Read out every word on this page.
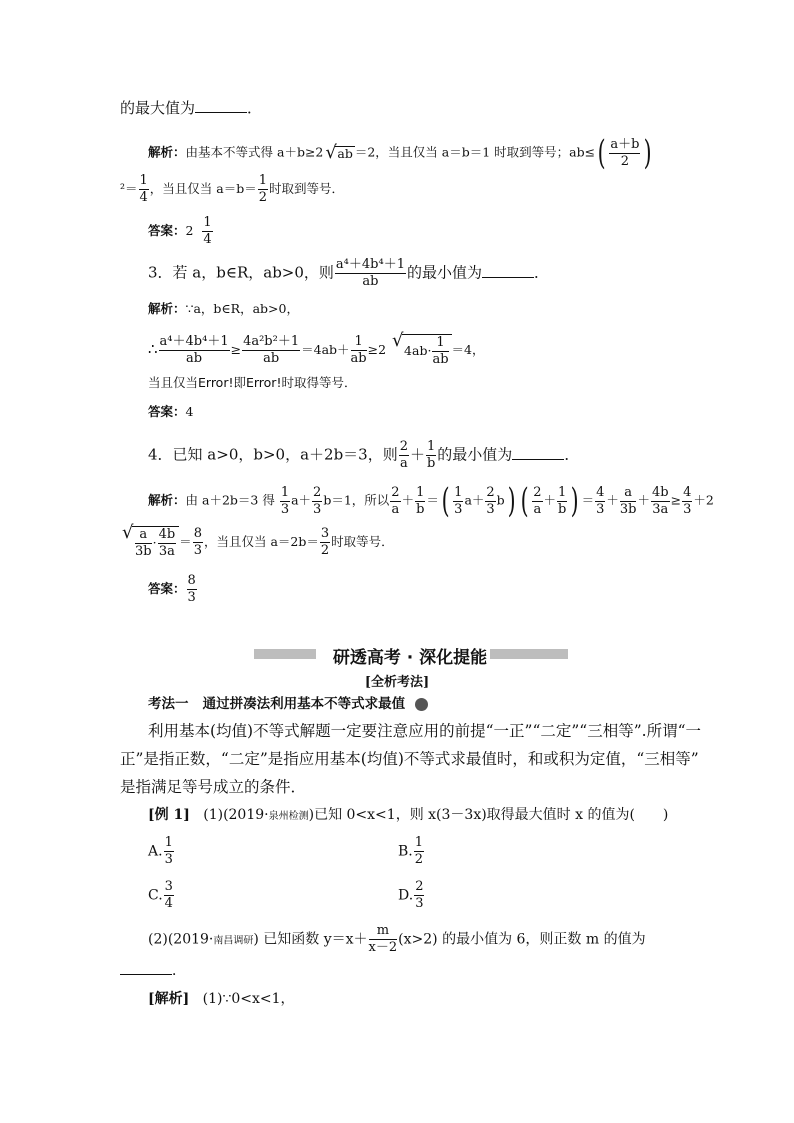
的最大值为	．
解析：由基本不等式得 a＋b≥2 √ ab ＝2，当且仅当 a＝b＝1 时取到等号；$ab\le( \frac{a+b}{2}$ )
$^2= \frac{1}{4}$ ，当且仅当 $a=b= \frac{1}{2}$ 时取到等号．
答案：$2 \frac{1}{4}$
3．若 a，b∈R，ab>0，则 $\frac{\text{a⁴＋4b⁴＋1}}{ab}$ 的最小值为	．
解析：∵a，b∈R，ab>0，
∴ $\frac{\text{a⁴＋4b⁴＋1}}{ab} \ge \frac{\text{4a²b²＋1}}{ab} =4ab+ \frac{1}{ab} \ge 2$ √ $4ab\cdot \frac{1}{ab} =4$，
当且仅当Error!即Error!时取得等号．
答案：4
4．已知 a>0，b>0，a＋2b＝3，则 $\frac{2}{a} + \frac{1}{b}$ 的最小值为	．
解析：由 a＋2b＝3 得 $\frac{1}{3} a+ \frac{2}{3} b=1$，所以 $\frac{2}{a} + \frac{1}{b}$ ＝( $\frac{1}{3} a+ \frac{2}{3} b$) ( $\frac{2}{a} + \frac{1}{b}$ ) ＝ $\frac{4}{3} + \frac{a}{3b} + \frac{4b}{3a} \ge \frac{4}{3} +2$
√ $\frac{a}{3b} \cdot \frac{4b}{3a} = \frac{8}{3}$ ，当且仅当 $a=2b= \frac{3}{2}$ 时取等号．
答案： $\frac{8}{3}$
研透高考 · 深化提能
[全析考法]
考法一 通过拼凑法利用基本不等式求最值
利用基本(均值)不等式解题一定要注意应用的前提“一正”“二定”“三相等”.所谓“一
正”是指正数，“二定”是指应用基本(均值)不等式求最值时，和或积为定值，“三相等”
是指满足等号成立的条件．
[例 1] (1)(2019·泉州检测)已知 0<x<1，则 x(3－3x)取得最大值时 x 的值为(　　)
A. $\frac{1}{3}$	B. $\frac{1}{2}$
C. $\frac{3}{4}$	D. $\frac{2}{3}$
(2)(2019·南昌调研) 已知函数 $y=x+ \frac{m}{x-2} (x>2)$ 的最小值为 6，则正数 m 的值为
．
[解析] (1)∵0<x<1，
